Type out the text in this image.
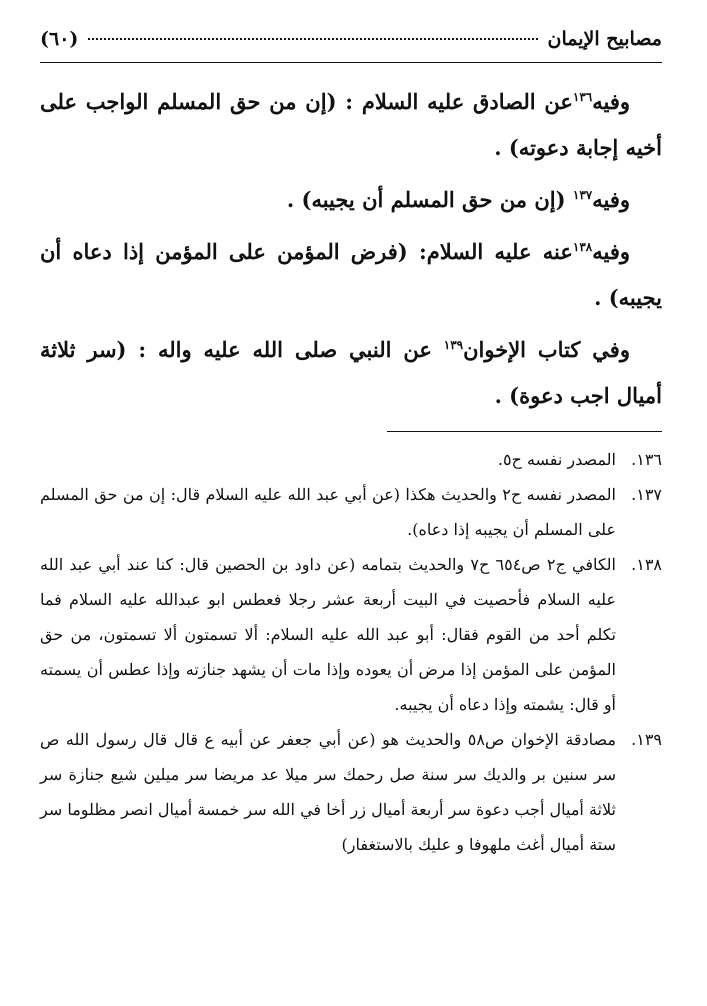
مصابيح الإيمان
(٦٠)

وفيه$^{١٣٦}$عن الصادق عليه السلام : (إن من حق المسلم الواجب على أخيه إجابة دعوته) .

وفيه$^{١٣٧}$ (إن من حق المسلم أن يجيبه) .

وفيه$^{١٣٨}$عنه عليه السلام: (فرض المؤمن على المؤمن إذا دعاه أن يجيبه) .

وفي كتاب الإخوان$^{١٣٩}$ عن النبي صلى الله عليه واله : (سر ثلاثة أميال اجب دعوة) .

١٣٦.
المصدر نفسه ح٥.
١٣٧.
المصدر نفسه ح٢ والحديث هكذا (عن أبي عبد الله عليه السلام قال: إن من حق المسلم على المسلم أن يجيبه إذا دعاه).
١٣٨.
الكافي ج٢ ص٦٥٤ ح٧ والحديث بتمامه (عن داود بن الحصين قال: كنا عند أبي عبد الله عليه السلام فأحصيت في البيت أربعة عشر رجلا فعطس ابو عبدالله عليه السلام فما تكلم أحد من القوم فقال: أبو عبد الله عليه السلام: ألا تسمتون ألا تسمتون، من حق المؤمن على المؤمن إذا مرض أن يعوده وإذا مات أن يشهد جنازته وإذا عطس أن يسمته أو قال: يشمته وإذا دعاه أن يجيبه.
١٣٩.
مصادقة الإخوان ص٥٨ والحديث هو (عن أبي جعفر عن أبيه ع قال قال رسول الله ص سر سنين بر والديك سر سنة صل رحمك سر ميلا عد مريضا سر ميلين شيع جنازة سر ثلاثة أميال أجب دعوة سر أربعة أميال زر أخا في الله سر خمسة أميال انصر مظلوما سر ستة أميال أغث ملهوفا و عليك بالاستغفار)
